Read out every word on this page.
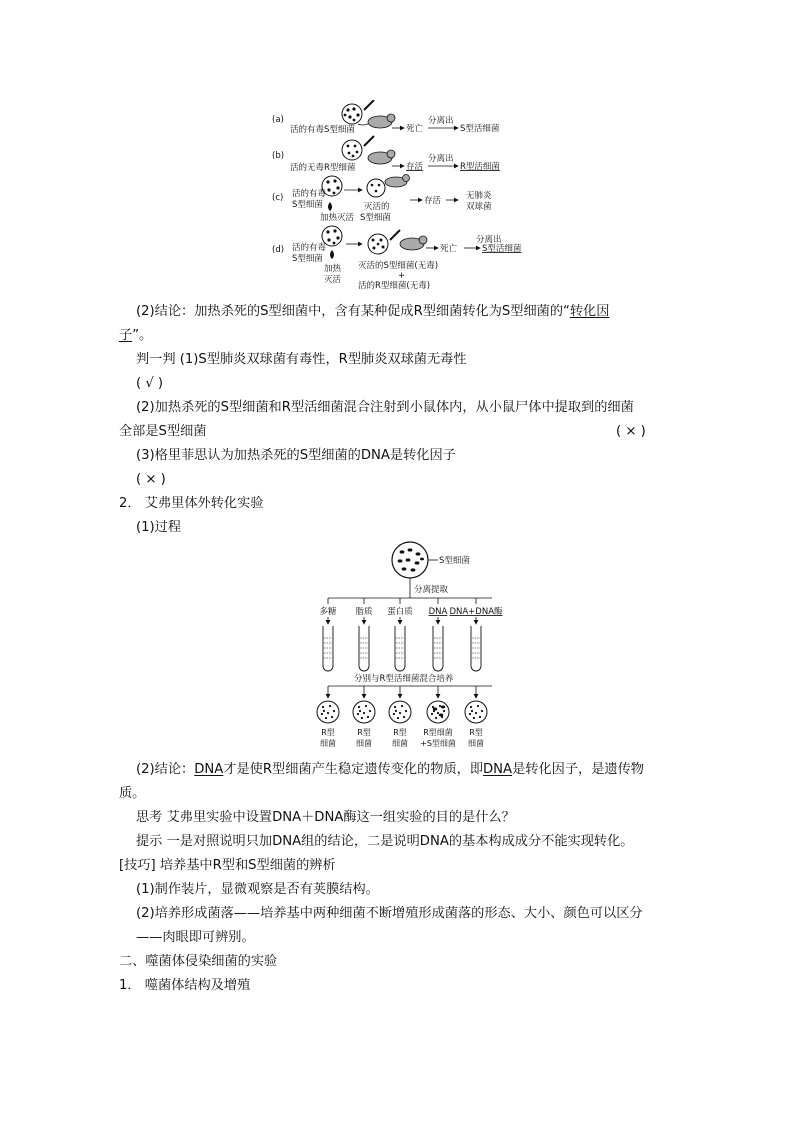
(a)
活的有毒S型细菌	死亡
分离出
S型活细菌
(b)
活的无毒R型细菌	存活
分离出
R型活细菌
(c) 活的有毒
S型细菌
加热灭活
灭活的
S型细菌
存活	无肺炎
双球菌
(d) 活的有毒
S型细菌
加热
灭活
死亡
分离出
S型活细菌
灭活的S型细菌(无毒)
+
活的R型细菌(无毒)
(2)结论：加热杀死的S型细菌中，含有某种促成R型细菌转化为S型细菌的“转化因
子”。
判一判 (1)S型肺炎双球菌有毒性，R型肺炎双球菌无毒性
( √ )
(2)加热杀死的S型细菌和R型活细菌混合注射到小鼠体内，从小鼠尸体中提取到的细菌
全部是S型细菌	( × )
(3)格里菲思认为加热杀死的S型细菌的DNA是转化因子
( × )
2． 艾弗里体外转化实验
(1)过程
S型细菌
分离提取
多糖
R型
细菌
脂质
R型
细菌
蛋白质
R型
细菌
DNA
R型细菌
+S型细菌
DNA+DNA酶
R型
细菌
分别与R型活细菌混合培养
(2)结论：DNA才是使R型细菌产生稳定遗传变化的物质，即DNA是转化因子，是遗传物
质。
思考 艾弗里实验中设置DNA＋DNA酶这一组实验的目的是什么？
提示 一是对照说明只加DNA组的结论，二是说明DNA的基本构成成分不能实现转化。
[技巧] 培养基中R型和S型细菌的辨析
(1)制作装片，显微观察是否有荚膜结构。
(2)培养形成菌落——培养基中两种细菌不断增殖形成菌落的形态、大小、颜色可以区分
——肉眼即可辨别。
二、噬菌体侵染细菌的实验
1． 噬菌体结构及增殖
